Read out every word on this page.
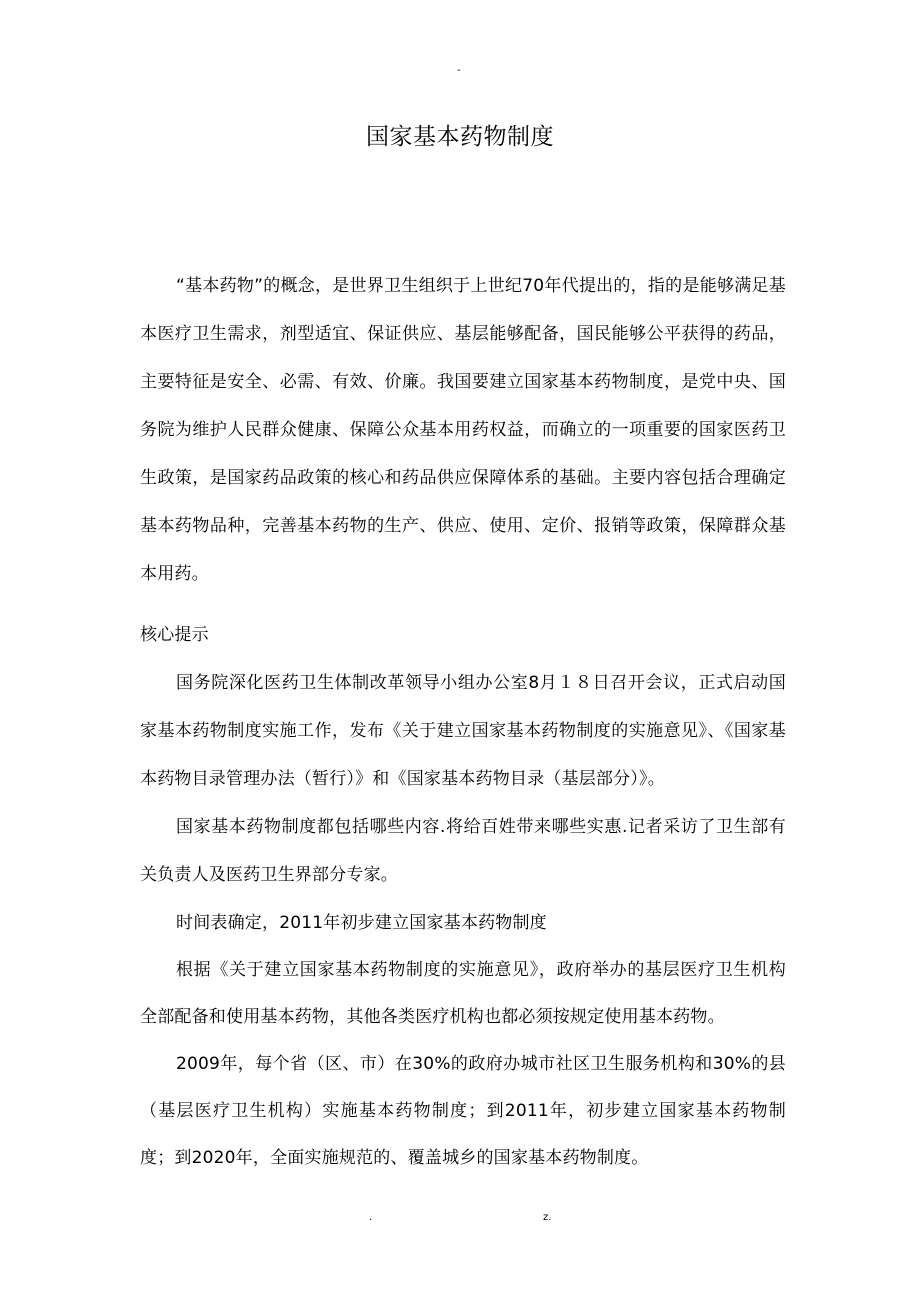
-
国家基本药物制度

“基本药物”的概念，是世界卫生组织于上世纪70年代提出的，指的是能够满足基本医疗卫生需求，剂型适宜、保证供应、基层能够配备，国民能够公平获得的药品，主要特征是安全、必需、有效、价廉。我国要建立国家基本药物制度，是党中央、国务院为维护人民群众健康、保障公众基本用药权益，而确立的一项重要的国家医药卫生政策，是国家药品政策的核心和药品供应保障体系的基础。主要内容包括合理确定基本药物品种，完善基本药物的生产、供应、使用、定价、报销等政策，保障群众基本用药。

核心提示

国务院深化医药卫生体制改革领导小组办公室8月１８日召开会议，正式启动国家基本药物制度实施工作，发布《关于建立国家基本药物制度的实施意见》、《国家基本药物目录管理办法（暂行）》和《国家基本药物目录（基层部分）》。

国家基本药物制度都包括哪些内容.将给百姓带来哪些实惠.记者采访了卫生部有关负责人及医药卫生界部分专家。

时间表确定，2011年初步建立国家基本药物制度

根据《关于建立国家基本药物制度的实施意见》，政府举办的基层医疗卫生机构全部配备和使用基本药物，其他各类医疗机构也都必须按规定使用基本药物。

2009年，每个省（区、市）在30%的政府办城市社区卫生服务机构和30%的县（基层医疗卫生机构）实施基本药物制度；到2011年，初步建立国家基本药物制度；到2020年，全面实施规范的、覆盖城乡的国家基本药物制度。

.	z.
